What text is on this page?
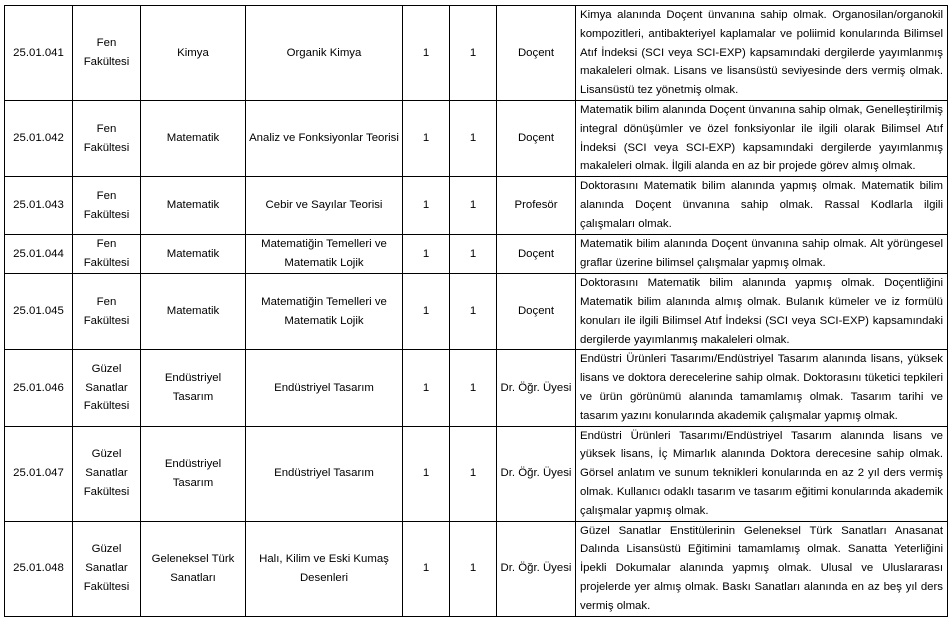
25.01.041	Fen Fakültesi	Kimya	Organik Kimya	1	1	Doçent	Kimya alanında Doçent ünvanına sahip olmak. Organosilan/organokil kompozitleri, antibakteriyel kaplamalar ve poliimid konularında Bilimsel Atıf İndeksi (SCI veya SCI-EXP) kapsamındaki dergilerde yayımlanmış makaleleri olmak. Lisans ve lisansüstü seviyesinde ders vermiş olmak. Lisansüstü tez yönetmiş olmak.
25.01.042	Fen Fakültesi	Matematik	Analiz ve Fonksiyonlar Teorisi	1	1	Doçent	Matematik bilim alanında Doçent ünvanına sahip olmak, Genelleştirilmiş integral dönüşümler ve özel fonksiyonlar ile ilgili olarak Bilimsel Atıf İndeksi (SCI veya SCI-EXP) kapsamındaki dergilerde yayımlanmış makaleleri olmak. İlgili alanda en az bir projede görev almış olmak.
25.01.043	Fen Fakültesi	Matematik	Cebir ve Sayılar Teorisi	1	1	Profesör	Doktorasını Matematik bilim alanında yapmış olmak. Matematik bilim alanında Doçent ünvanına sahip olmak. Rassal Kodlarla ilgili çalışmaları olmak.
25.01.044	Fen Fakültesi	Matematik	Matematiğin Temelleri ve Matematik Lojik	1	1	Doçent	Matematik bilim alanında Doçent ünvanına sahip olmak. Alt yörüngesel graflar üzerine bilimsel çalışmalar yapmış olmak.
25.01.045	Fen Fakültesi	Matematik	Matematiğin Temelleri ve Matematik Lojik	1	1	Doçent	Doktorasını Matematik bilim alanında yapmış olmak. Doçentliğini Matematik bilim alanında almış olmak. Bulanık kümeler ve iz formülü konuları ile ilgili Bilimsel Atıf İndeksi (SCI veya SCI-EXP) kapsamındaki dergilerde yayımlanmış makaleleri olmak.
25.01.046	Güzel Sanatlar Fakültesi	Endüstriyel Tasarım	Endüstriyel Tasarım	1	1	Dr. Öğr. Üyesi	Endüstri Ürünleri Tasarımı/Endüstriyel Tasarım alanında lisans, yüksek lisans ve doktora derecelerine sahip olmak. Doktorasını tüketici tepkileri ve ürün görünümü alanında tamamlamış olmak. Tasarım tarihi ve tasarım yazını konularında akademik çalışmalar yapmış olmak.
25.01.047	Güzel Sanatlar Fakültesi	Endüstriyel Tasarım	Endüstriyel Tasarım	1	1	Dr. Öğr. Üyesi	Endüstri Ürünleri Tasarımı/Endüstriyel Tasarım alanında lisans ve yüksek lisans, İç Mimarlık alanında Doktora derecesine sahip olmak. Görsel anlatım ve sunum teknikleri konularında en az 2 yıl ders vermiş olmak. Kullanıcı odaklı tasarım ve tasarım eğitimi konularında akademik çalışmalar yapmış olmak.
25.01.048	Güzel Sanatlar Fakültesi	Geleneksel Türk Sanatları	Halı, Kilim ve Eski Kumaş Desenleri	1	1	Dr. Öğr. Üyesi	Güzel Sanatlar Enstitülerinin Geleneksel Türk Sanatları Anasanat Dalında Lisansüstü Eğitimini tamamlamış olmak. Sanatta Yeterliğini İpekli Dokumalar alanında yapmış olmak. Ulusal ve Uluslararası projelerde yer almış olmak. Baskı Sanatları alanında en az beş yıl ders vermiş olmak.
